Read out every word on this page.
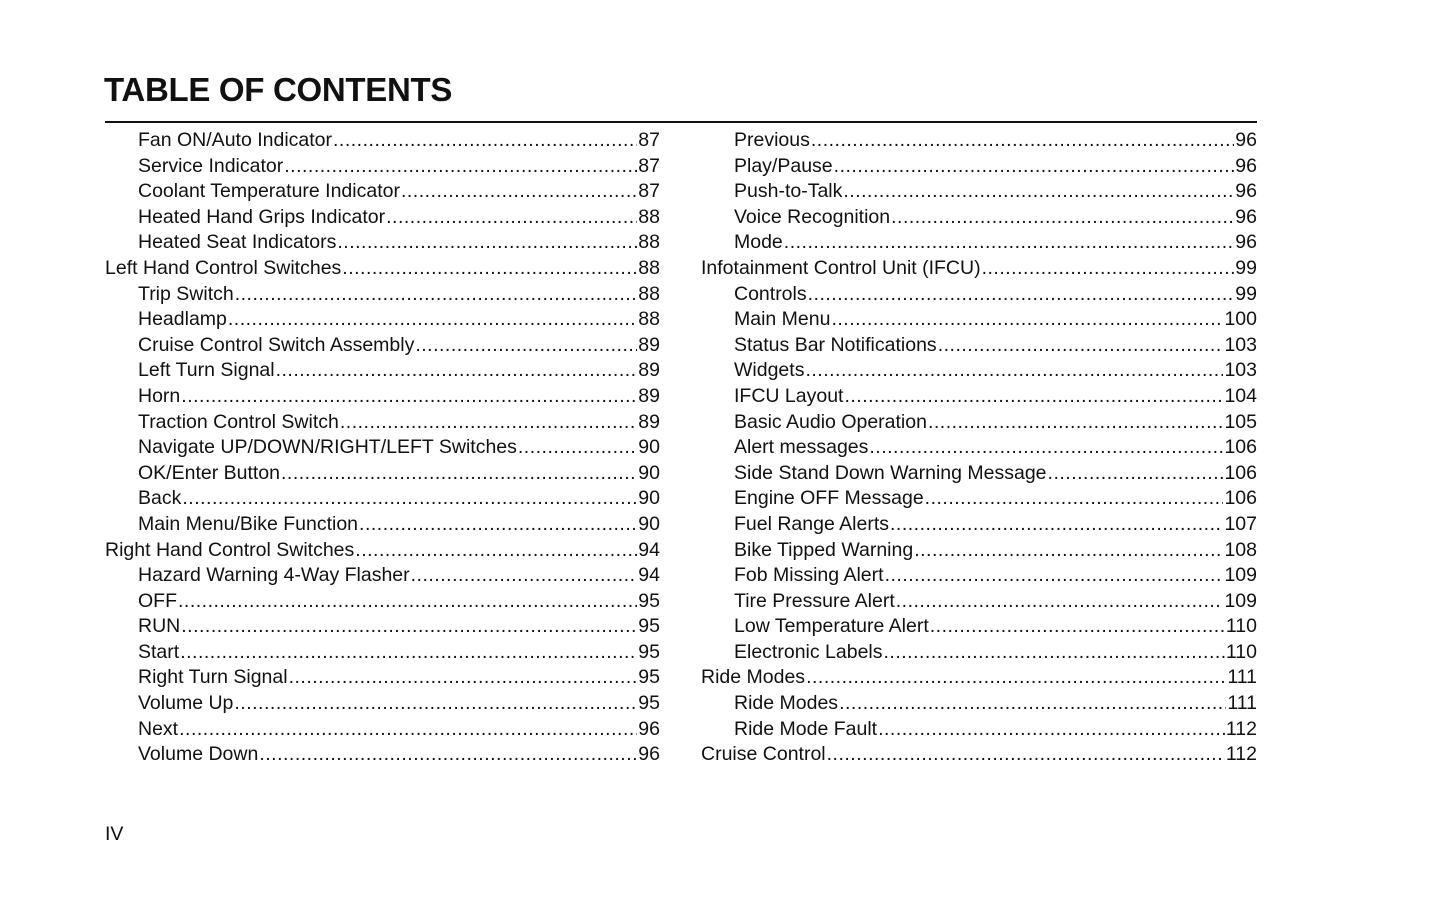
TABLE OF CONTENTS
Fan ON/Auto Indicator .....	87
Service Indicator .....	87
Coolant Temperature Indicator .....	87
Heated Hand Grips Indicator .....	88
Heated Seat Indicators .....	88
Left Hand Control Switches .....	88
Trip Switch .....	88
Headlamp .....	88
Cruise Control Switch Assembly .....	89
Left Turn Signal .....	89
Horn .....	89
Traction Control Switch .....	89
Navigate UP/DOWN/RIGHT/LEFT Switches .....	90
OK/Enter Button .....	90
Back .....	90
Main Menu/Bike Function .....	90
Right Hand Control Switches .....	94
Hazard Warning 4-Way Flasher .....	94
OFF .....	95
RUN .....	95
Start .....	95
Right Turn Signal .....	95
Volume Up .....	95
Next .....	96
Volume Down .....	96
Previous .....	96
Play/Pause .....	96
Push-to-Talk .....	96
Voice Recognition .....	96
Mode .....	96
Infotainment Control Unit (IFCU) .....	99
Controls .....	99
Main Menu .....	100
Status Bar Notifications .....	103
Widgets .....	103
IFCU Layout .....	104
Basic Audio Operation .....	105
Alert messages .....	106
Side Stand Down Warning Message .....	106
Engine OFF Message .....	106
Fuel Range Alerts .....	107
Bike Tipped Warning .....	108
Fob Missing Alert .....	109
Tire Pressure Alert .....	109
Low Temperature Alert .....	110
Electronic Labels .....	110
Ride Modes .....	111
Ride Modes .....	111
Ride Mode Fault .....	112
Cruise Control .....	112
IV
